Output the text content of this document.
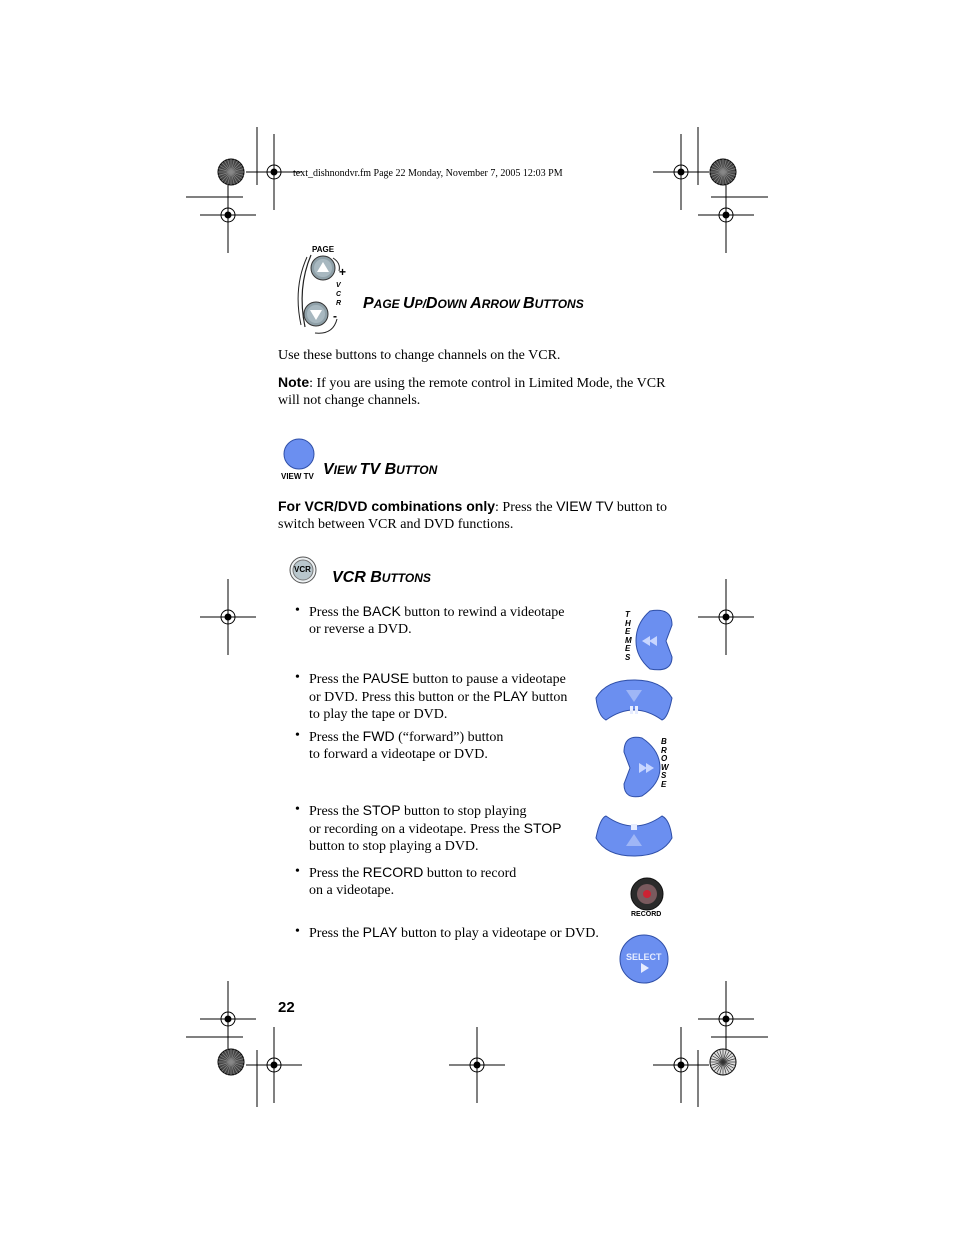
text_dishnondvr.fm Page 22 Monday, November 7, 2005 12:03 PM
PAGE
+
VCR
-
PAGE UP/DOWN ARROW BUTTONS
Use these buttons to change channels on the VCR.
Note: If you are using the remote control in Limited Mode, the VCR will not change channels.
VIEW TV VIEW TV BUTTON
For VCR/DVD combinations only: Press the VIEW TV button to switch between VCR and DVD functions.
VCR VCR BUTTONS
• Press the BACK button to rewind a videotape
or reverse a DVD.
• Press the PAUSE button to pause a videotape
or DVD. Press this button or the PLAY button
to play the tape or DVD.
• Press the FWD (“forward”) button
to forward a videotape or DVD.
• Press the STOP button to stop playing
or recording on a videotape. Press the STOP
button to stop playing a DVD.
• Press the RECORD button to record
on a videotape.
• Press the PLAY button to play a videotape or DVD.
THEMES
BROWSE
RECORD
SELECT
22
